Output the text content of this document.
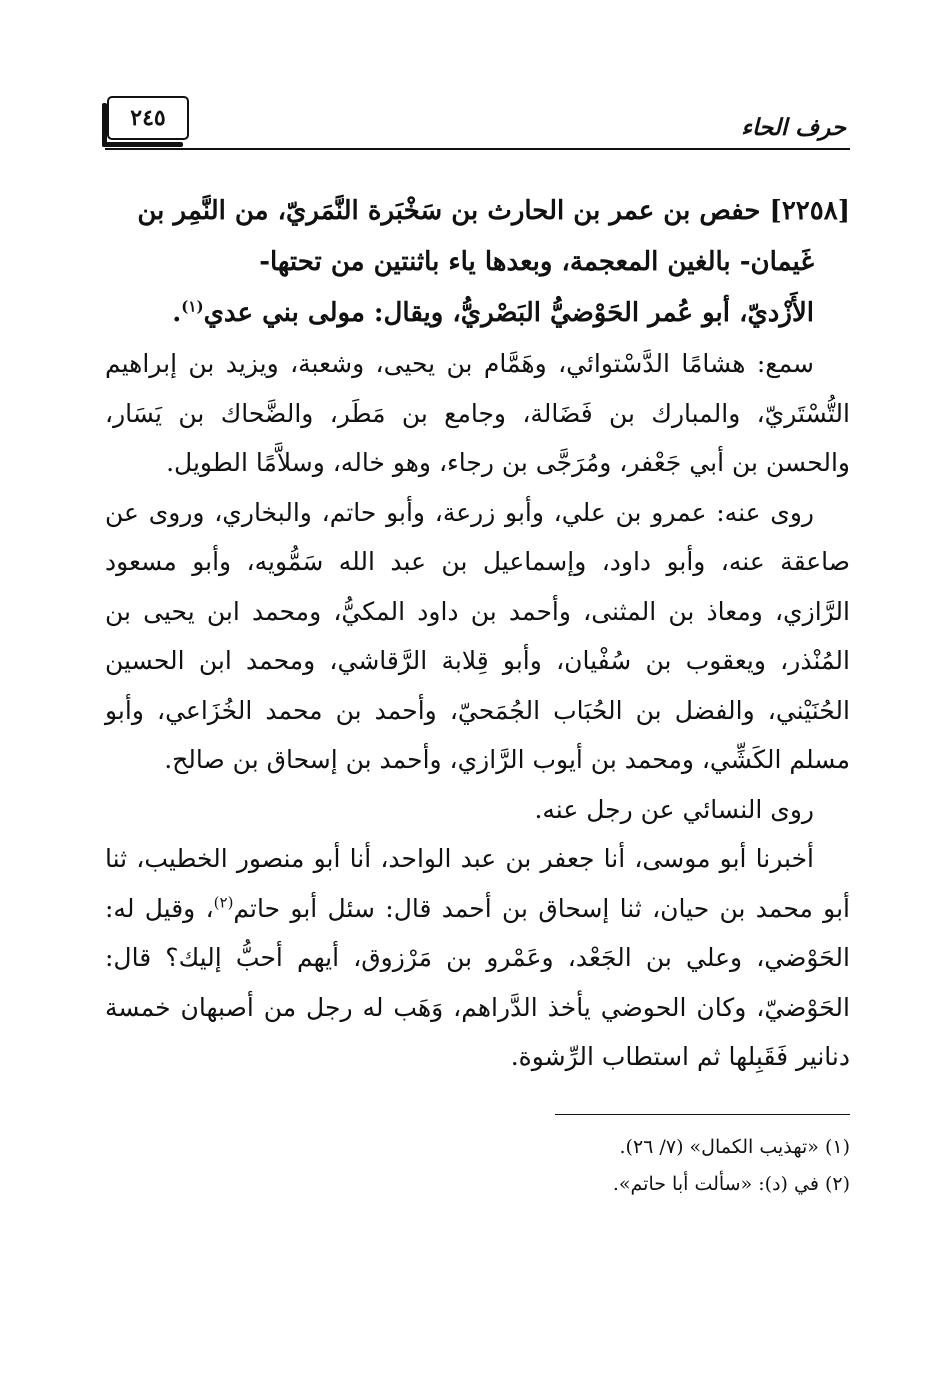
حرف الحاء
٢٤٥
[٢٢٥٨] حفص بن عمر بن الحارث بن سَخْبَرة النَّمَريّ، من النَّمِر بن
غَيمان- بالغين المعجمة، وبعدها ياء باثنتين من تحتها-
الأَزْديّ، أبو عُمر الحَوْضيُّ البَصْريُّ، ويقال: مولى بني عدي$^{(١)}$.

سمع: هشامًا الدَّسْتوائي، وهَمَّام بن يحيى، وشعبة، ويزيد بن إبراهيم التُّسْتَريّ، والمبارك بن فَضَالة، وجامع بن مَطَر، والضَّحاك بن يَسَار، والحسن بن أبي جَعْفر، ومُرَجَّى بن رجاء، وهو خاله، وسلاَّمًا الطويل.

روى عنه: عمرو بن علي، وأبو زرعة، وأبو حاتم، والبخاري، وروى عن صاعقة عنه، وأبو داود، وإسماعيل بن عبد الله سَمُّويه، وأبو مسعود الرَّازي، ومعاذ بن المثنى، وأحمد بن داود المكيُّ، ومحمد ابن يحيى بن المُنْذر، ويعقوب بن سُفْيان، وأبو قِلابة الرَّقاشي، ومحمد ابن الحسين الحُنَيْني، والفضل بن الحُبَاب الجُمَحيّ، وأحمد بن محمد الخُزَاعي، وأبو مسلم الكَشِّي، ومحمد بن أيوب الرَّازي، وأحمد بن إسحاق بن صالح.

روى النسائي عن رجل عنه.

أخبرنا أبو موسى، أنا جعفر بن عبد الواحد، أنا أبو منصور الخطيب، ثنا أبو محمد بن حيان، ثنا إسحاق بن أحمد قال: سئل أبو حاتم$^{(٢)}$، وقيل له: الحَوْضي، وعلي بن الجَعْد، وعَمْرو بن مَرْزوق، أيهم أحبُّ إليك؟ قال: الحَوْضيّ، وكان الحوضي يأخذ الدَّراهم، وَهَب له رجل من أصبهان خمسة دنانير فَقَبِلها ثم استطاب الرِّشوة.

(١) «تهذيب الكمال» (٧/ ٢٦).

(٢) في (د): «سألت أبا حاتم».
